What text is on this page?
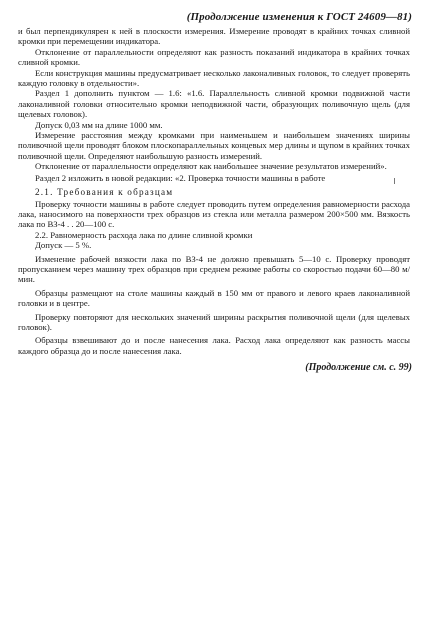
(Продолжение изменения к ГОСТ 24609—81)

и был перпендикулярен к ней в плоскости измерения. Измерение проводят в крайних точках сливной кромки при перемещении индикатора.

Отклонение от параллельности определяют как разность показаний индикатора в крайних точках сливной кромки.

Если конструкция машины предусматривает несколько лаконаливных головок, то следует проверять каждую головку в отдельности».

Раздел 1 дополнить пунктом — 1.6: «1.6. Параллельность сливной кромки подвижной части лаконаливной головки относительно кромки неподвижной части, образующих поливочную щель (для щелевых головок).

Допуск 0,03 мм на длине 1000 мм.

Измерение расстояния между кромками при наименьшем и наибольшем значениях ширины поливочной щели проводят блоком плоскопараллельных концевых мер длины и щупом в крайних точках поливочной щели. Определяют наибольшую разность измерений.

Отклонение от параллельности определяют как наибольшее значение результатов измерений».

Раздел 2 изложить в новой редакции: «2. Проверка точности машины в работе

2.1. Требования к образцам

Проверку точности машины в работе следует проводить путем определения равномерности расхода лака, наносимого на поверхности трех образцов из стекла или металла размером 200×500 мм. Вязкость лака по ВЗ-4 . . 20—100 с.

2.2. Равномерность расхода лака по длине сливной кромки

Допуск — 5 %.

Изменение рабочей вязкости лака по ВЗ-4 не должно превышать 5—10 с. Проверку проводят пропусканием через машину трех образцов при среднем режиме работы со скоростью подачи 60—80 м/мин.

Образцы размещают на столе машины каждый в 150 мм от правого и левого краев лаконаливной головки и в центре.

Проверку повторяют для нескольких значений ширины раскрытия поливочной щели (для щелевых головок).

Образцы взвешивают до и после нанесения лака. Расход лака определяют как разность массы каждого образца до и после нанесения лака.

(Продолжение см. с. 99)
